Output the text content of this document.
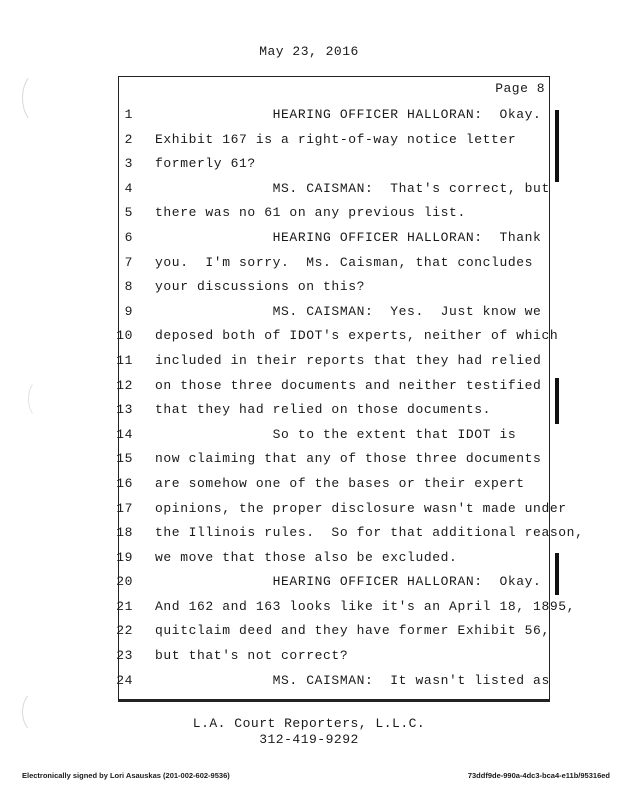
May 23, 2016
Page 8
1 HEARING OFFICER HALLORAN:  Okay.
2 Exhibit 167 is a right-of-way notice letter
3 formerly 61?
4 MS. CAISMAN:  That's correct, but
5 there was no 61 on any previous list.
6 HEARING OFFICER HALLORAN:  Thank
7 you.  I'm sorry.  Ms. Caisman, that concludes
8 your discussions on this?
9 MS. CAISMAN:  Yes.  Just know we
10 deposed both of IDOT's experts, neither of which
11 included in their reports that they had relied
12 on those three documents and neither testified
13 that they had relied on those documents.
14 So to the extent that IDOT is
15 now claiming that any of those three documents
16 are somehow one of the bases or their expert
17 opinions, the proper disclosure wasn't made under
18 the Illinois rules.  So for that additional reason,
19 we move that those also be excluded.
20 HEARING OFFICER HALLORAN:  Okay.
21 And 162 and 163 looks like it's an April 18, 1895,
22 quitclaim deed and they have former Exhibit 56,
23 but that's not correct?
24 MS. CAISMAN:  It wasn't listed as
L.A. Court Reporters, L.L.C.
312-419-9292
Electronically signed by Lori Asauskas (201-002-602-9536)	73ddf9de-990a-4dc3-bca4-e11b/95316ed
